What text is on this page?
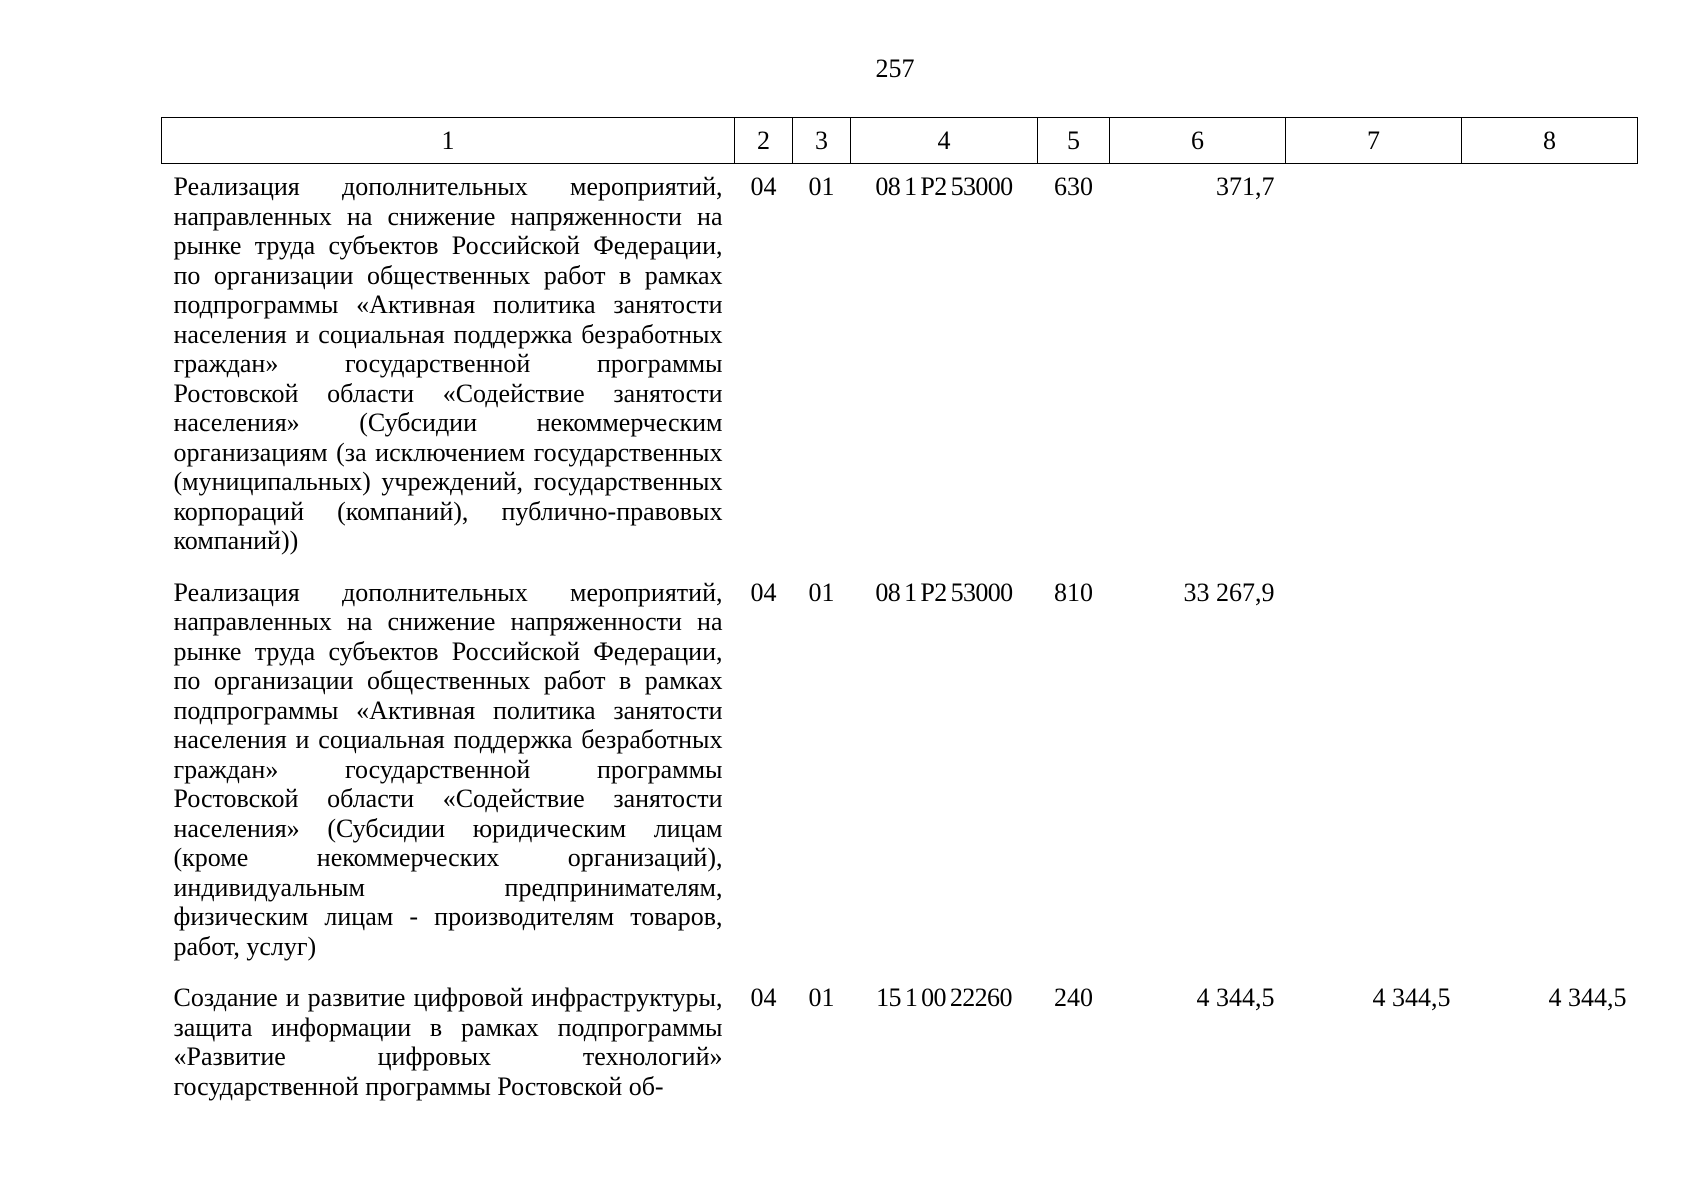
257
1	2	3	4	5	6	7	8
Реализация дополнительных мероприятий, направленных на снижение напряженности на рынке труда субъектов Российской Федерации, по организации общественных работ в рамках подпрограммы «Активная политика занятости населения и социальная поддержка безработных граждан» государственной программы Ростовской области «Содействие занятости населения» (Субсидии некоммерческим организациям (за исключением государственных (муниципальных) учреждений, государственных корпораций (компаний), публично-правовых компаний))	04	01	08 1 P2 53000	630	371,7		
Реализация дополнительных мероприятий, направленных на снижение напряженности на рынке труда субъектов Российской Федерации, по организации общественных работ в рамках подпрограммы «Активная политика занятости населения и социальная поддержка безработных граждан» государственной программы Ростовской области «Содействие занятости населения» (Субсидии юридическим лицам (кроме некоммерческих организаций), индивидуальным предпринимателям, физическим лицам - производителям товаров, работ, услуг)	04	01	08 1 P2 53000	810	33 267,9		
Создание и развитие цифровой инфраструктуры, защита информации в рамках подпрограммы «Развитие цифровых технологий» государственной программы Ростовской об-	04	01	15 1 00 22260	240	4 344,5	4 344,5	4 344,5
